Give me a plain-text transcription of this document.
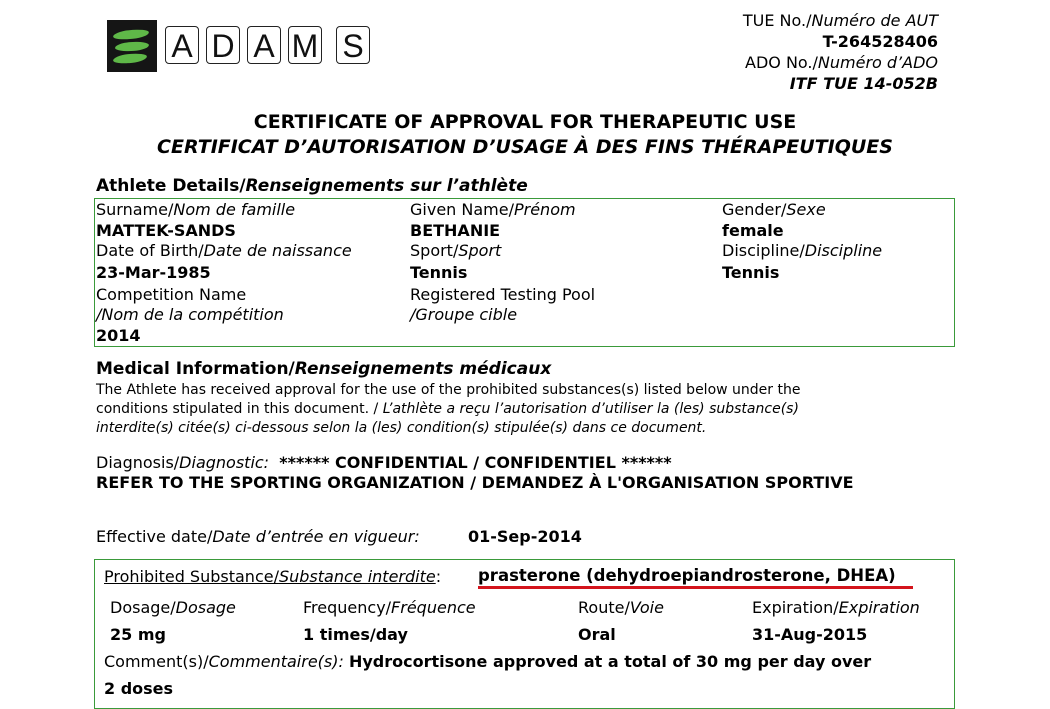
A D A M S
TUE No./Numéro de AUT
T-264528406
ADO No./Numéro d’ADO
ITF TUE 14-052B
CERTIFICATE OF APPROVAL FOR THERAPEUTIC USE
CERTIFICAT D’AUTORISATION D’USAGE À DES FINS THÉRAPEUTIQUES
Athlete Details/Renseignements sur l’athlète
Surname/Nom de famille
MATTEK-SANDS
Given Name/Prénom
BETHANIE
Gender/Sexe
female
Date of Birth/Date de naissance
23-Mar-1985
Sport/Sport
Tennis
Discipline/Discipline
Tennis
Competition Name
/Nom de la compétition
2014
Registered Testing Pool
/Groupe cible
Medical Information/Renseignements médicaux
The Athlete has received approval for the use of the prohibited substances(s) listed below under the
conditions stipulated in this document. / L’athlète a reçu l’autorisation d’utiliser la (les) substance(s)
interdite(s) citée(s) ci-dessous selon la (les) condition(s) stipulée(s) dans ce document.
Diagnosis/Diagnostic: ****** CONFIDENTIAL / CONFIDENTIEL ******
REFER TO THE SPORTING ORGANIZATION / DEMANDEZ À L'ORGANISATION SPORTIVE
Effective date/Date d’entrée en vigueur:	01-Sep-2014
Prohibited Substance/Substance interdite: prasterone (dehydroepiandrosterone, DHEA)
Dosage/Dosage
25 mg
Frequency/Fréquence
1 times/day
Route/Voie
Oral
Expiration/Expiration
31-Aug-2015
Comment(s)/Commentaire(s): Hydrocortisone approved at a total of 30 mg per day over
2 doses
